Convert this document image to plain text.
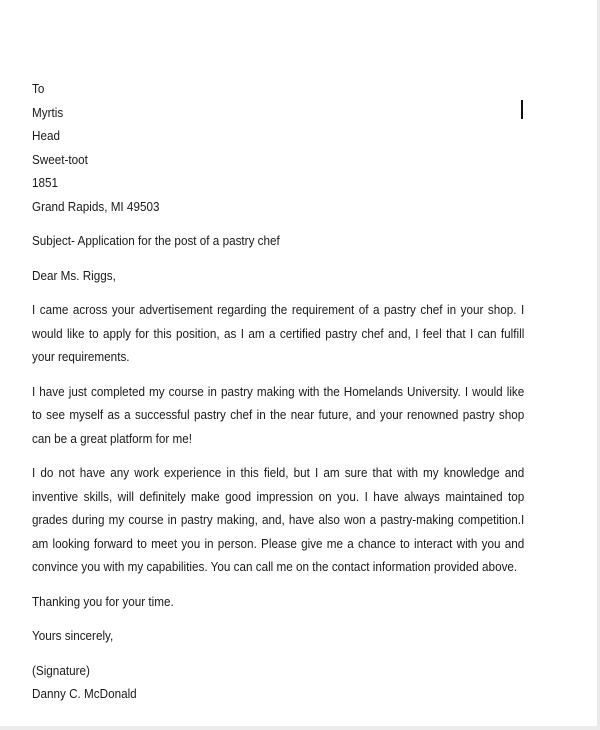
To
Myrtis
Head
Sweet-toot
1851
Grand Rapids, MI 49503
Subject- Application for the post of a pastry chef
Dear Ms. Riggs,

I came across your advertisement regarding the requirement of a pastry chef in your shop. I would like to apply for this position, as I am a certified pastry chef and, I feel that I can fulfill your requirements.

I have just completed my course in pastry making with the Homelands University. I would like to see myself as a successful pastry chef in the near future, and your renowned pastry shop can be a great platform for me!

I do not have any work experience in this field, but I am sure that with my knowledge and inventive skills, will definitely make good impression on you. I have always maintained top grades during my course in pastry making, and, have also won a pastry-making competition.I am looking forward to meet you in person. Please give me a chance to interact with you and convince you with my capabilities. You can call me on the contact information provided above.

Thanking you for your time.
Yours sincerely,
(Signature)
Danny C. McDonald
